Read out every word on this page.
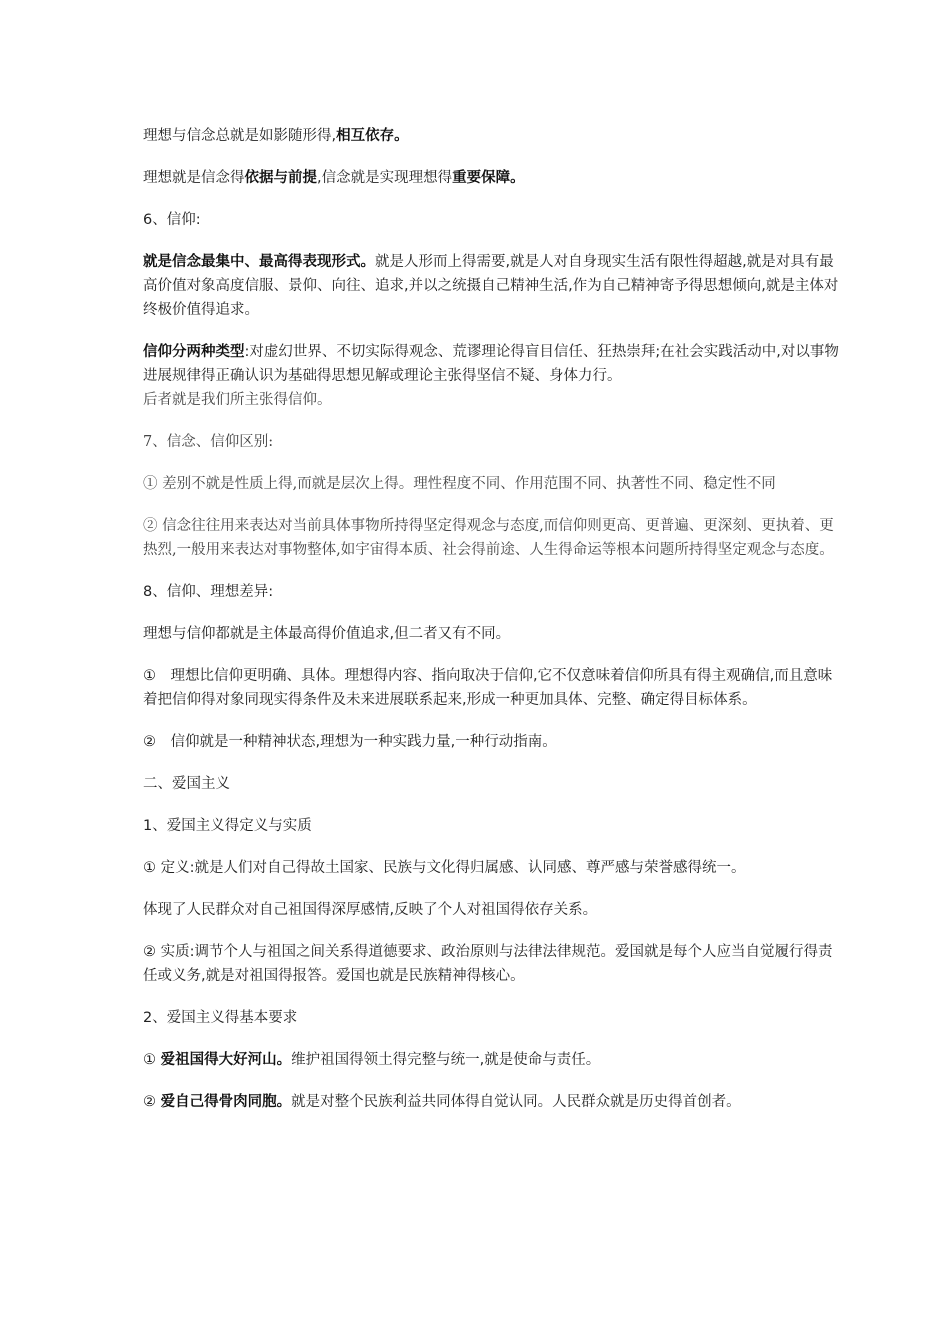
理想与信念总就是如影随形得,相互依存。

理想就是信念得依据与前提,信念就是实现理想得重要保障。

6、信仰:

就是信念最集中、最高得表现形式。就是人形而上得需要,就是人对自身现实生活有限性得超越,就是对具有最高价值对象高度信服、景仰、向往、追求,并以之统摄自己精神生活,作为自己精神寄予得思想倾向,就是主体对终极价值得追求。

信仰分两种类型:对虚幻世界、不切实际得观念、荒谬理论得盲目信任、狂热崇拜;在社会实践活动中,对以事物进展规律得正确认识为基础得思想见解或理论主张得坚信不疑、身体力行。
后者就是我们所主张得信仰。

7、信念、信仰区别:

① 差别不就是性质上得,而就是层次上得。理性程度不同、作用范围不同、执著性不同、稳定性不同

② 信念往往用来表达对当前具体事物所持得坚定得观念与态度,而信仰则更高、更普遍、更深刻、更执着、更热烈,一般用来表达对事物整体,如宇宙得本质、社会得前途、人生得命运等根本问题所持得坚定观念与态度。

8、信仰、理想差异:

理想与信仰都就是主体最高得价值追求,但二者又有不同。

①　理想比信仰更明确、具体。理想得内容、指向取决于信仰,它不仅意味着信仰所具有得主观确信,而且意味着把信仰得对象同现实得条件及未来进展联系起来,形成一种更加具体、完整、确定得目标体系。

②　信仰就是一种精神状态,理想为一种实践力量,一种行动指南。

二、爱国主义

1、爱国主义得定义与实质

① 定义:就是人们对自己得故土国家、民族与文化得归属感、认同感、尊严感与荣誉感得统一。

体现了人民群众对自己祖国得深厚感情,反映了个人对祖国得依存关系。

② 实质:调节个人与祖国之间关系得道德要求、政治原则与法律法律规范。爱国就是每个人应当自觉履行得责任或义务,就是对祖国得报答。爱国也就是民族精神得核心。

2、爱国主义得基本要求

① 爱祖国得大好河山。维护祖国得领土得完整与统一,就是使命与责任。

② 爱自己得骨肉同胞。就是对整个民族利益共同体得自觉认同。人民群众就是历史得首创者。
